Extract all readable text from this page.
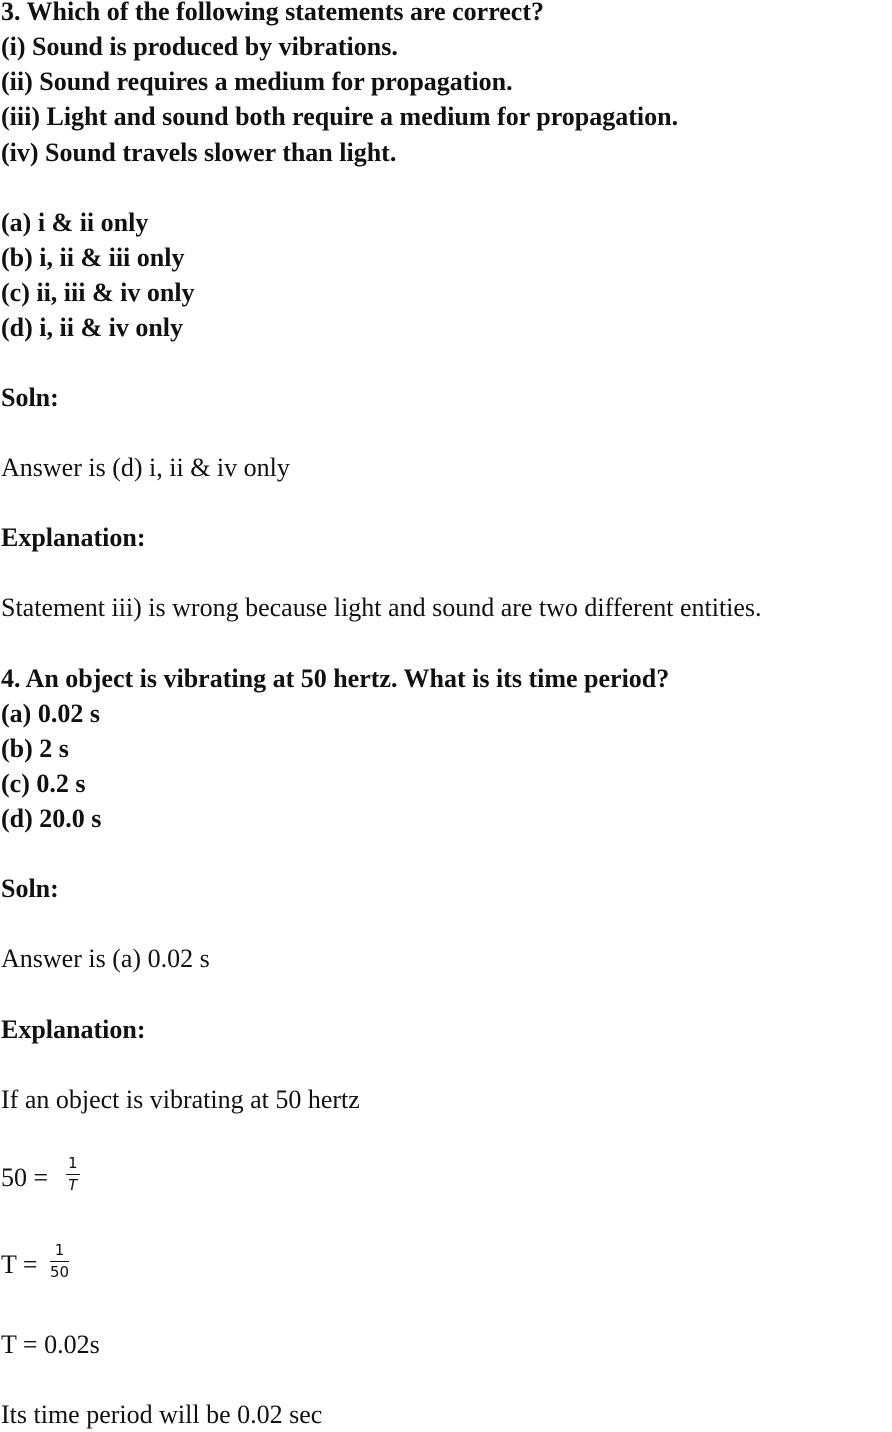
3. Which of the following statements are correct?
(i) Sound is produced by vibrations.
(ii) Sound requires a medium for propagation.
(iii) Light and sound both require a medium for propagation.
(iv) Sound travels slower than light.
(a) i & ii only
(b) i, ii & iii only
(c) ii, iii & iv only
(d) i, ii & iv only
Soln:
Answer is (d) i, ii & iv only
Explanation:
Statement iii) is wrong because light and sound are two different entities.
4. An object is vibrating at 50 hertz. What is its time period?
(a) 0.02 s
(b) 2 s
(c) 0.2 s
(d) 20.0 s
Soln:
Answer is (a) 0.02 s
Explanation:
If an object is vibrating at 50 hertz
50 = 1
T
T = 1
50
T = 0.02s
Its time period will be 0.02 sec
